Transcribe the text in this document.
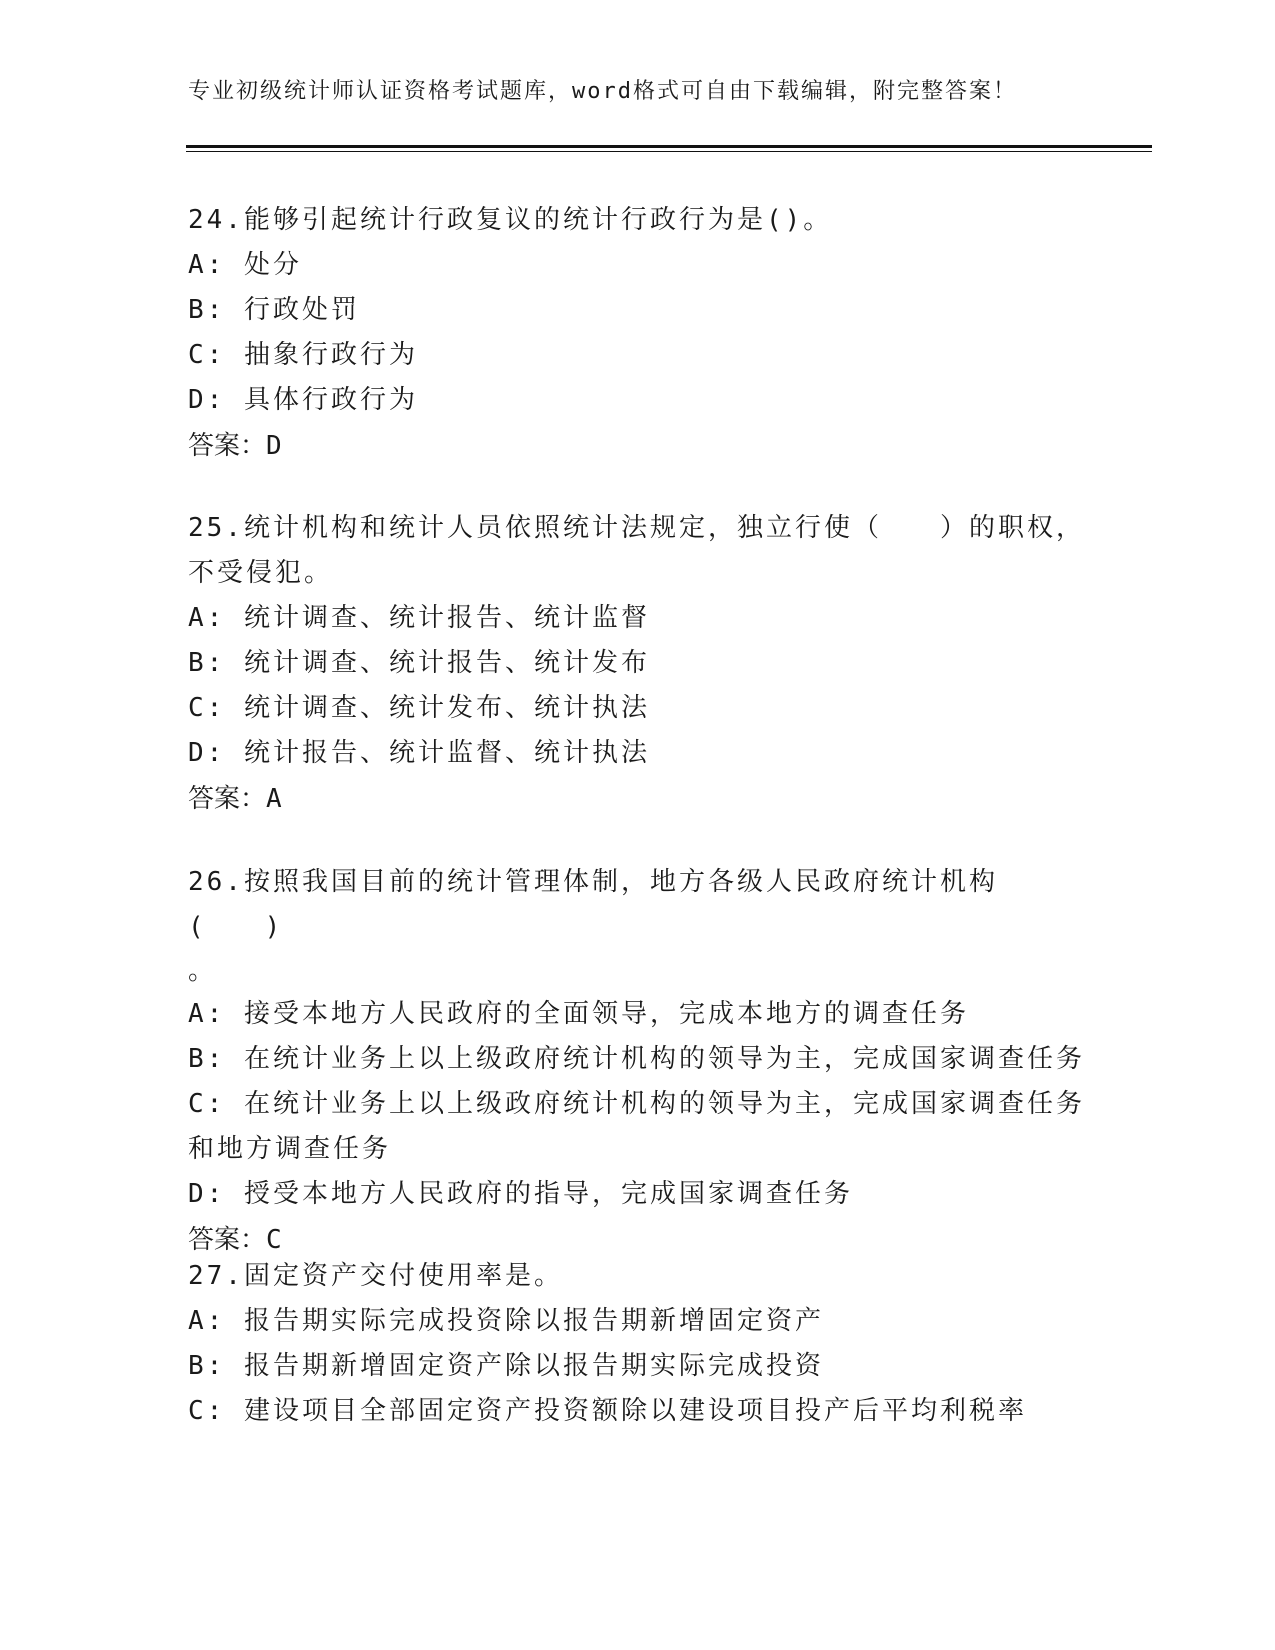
专业初级统计师认证资格考试题库，word格式可自由下载编辑，附完整答案！
24.能够引起统计行政复议的统计行政行为是()。
A: 处分
B: 行政处罚
C: 抽象行政行为
D: 具体行政行为
答案：D
25.统计机构和统计人员依照统计法规定，独立行使（　　）的职权，
不受侵犯。
A: 统计调查、统计报告、统计监督
B: 统计调查、统计报告、统计发布
C: 统计调查、统计发布、统计执法
D: 统计报告、统计监督、统计执法
答案：A
26.按照我国目前的统计管理体制，地方各级人民政府统计机构(　　)
。
A: 接受本地方人民政府的全面领导，完成本地方的调查任务
B: 在统计业务上以上级政府统计机构的领导为主，完成国家调查任务
C: 在统计业务上以上级政府统计机构的领导为主，完成国家调查任务
和地方调查任务
D: 授受本地方人民政府的指导，完成国家调查任务
答案：C
27.固定资产交付使用率是。
A: 报告期实际完成投资除以报告期新增固定资产
B: 报告期新增固定资产除以报告期实际完成投资
C: 建设项目全部固定资产投资额除以建设项目投产后平均利税率
